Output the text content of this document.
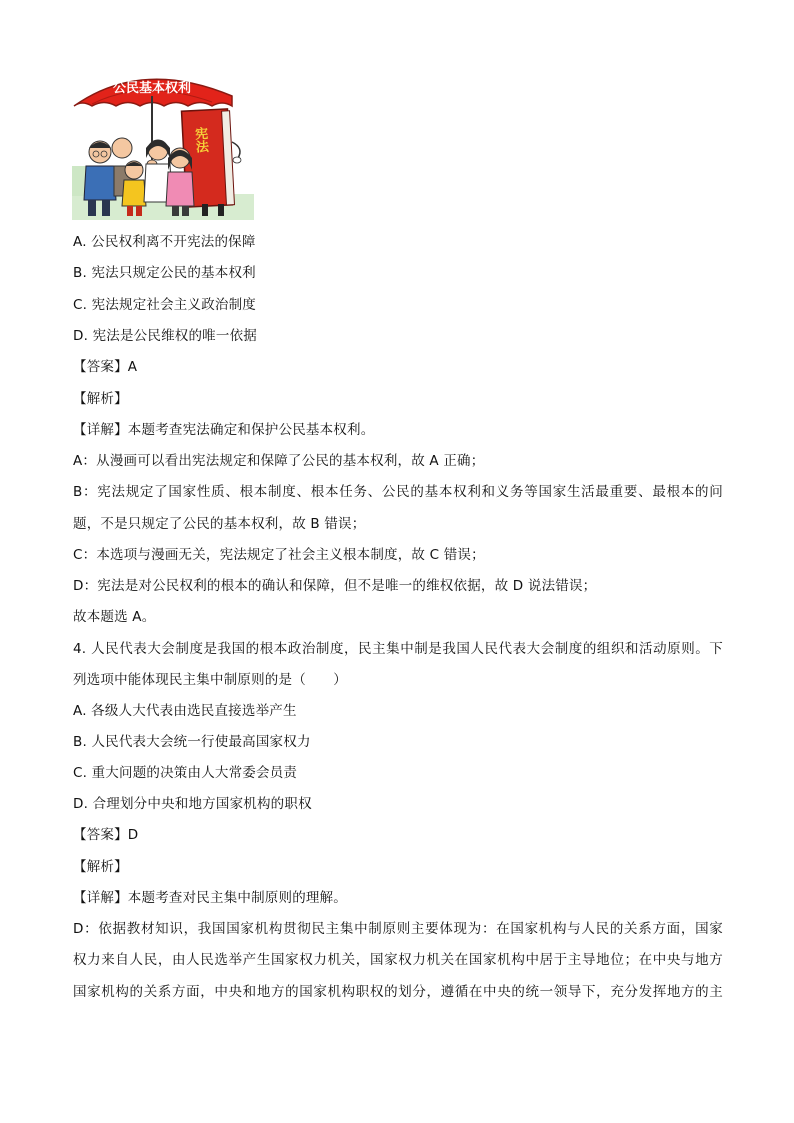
公民基本权利
宪法
A. 公民权利离不开宪法的保障
B. 宪法只规定公民的基本权利
C. 宪法规定社会主义政治制度
D. 宪法是公民维权的唯一依据
【答案】A
【解析】
【详解】本题考查宪法确定和保护公民基本权利。
A：从漫画可以看出宪法规定和保障了公民的基本权利，故 A 正确；
B：宪法规定了国家性质、根本制度、根本任务、公民的基本权利和义务等国家生活最重要、最根本的问
题，不是只规定了公民的基本权利，故 B 错误；
C：本选项与漫画无关，宪法规定了社会主义根本制度，故 C 错误；
D：宪法是对公民权利的根本的确认和保障，但不是唯一的维权依据，故 D 说法错误；
故本题选 A。
4. 人民代表大会制度是我国的根本政治制度，民主集中制是我国人民代表大会制度的组织和活动原则。下
列选项中能体现民主集中制原则的是（　　）
A. 各级人大代表由选民直接选举产生
B. 人民代表大会统一行使最高国家权力
C. 重大问题的决策由人大常委会员责
D. 合理划分中央和地方国家机构的职权
【答案】D
【解析】
【详解】本题考查对民主集中制原则的理解。
D：依据教材知识，我国国家机构贯彻民主集中制原则主要体现为：在国家机构与人民的关系方面，国家
权力来自人民，由人民选举产生国家权力机关，国家权力机关在国家机构中居于主导地位；在中央与地方
国家机构的关系方面，中央和地方的国家机构职权的划分，遵循在中央的统一领导下，充分发挥地方的主
